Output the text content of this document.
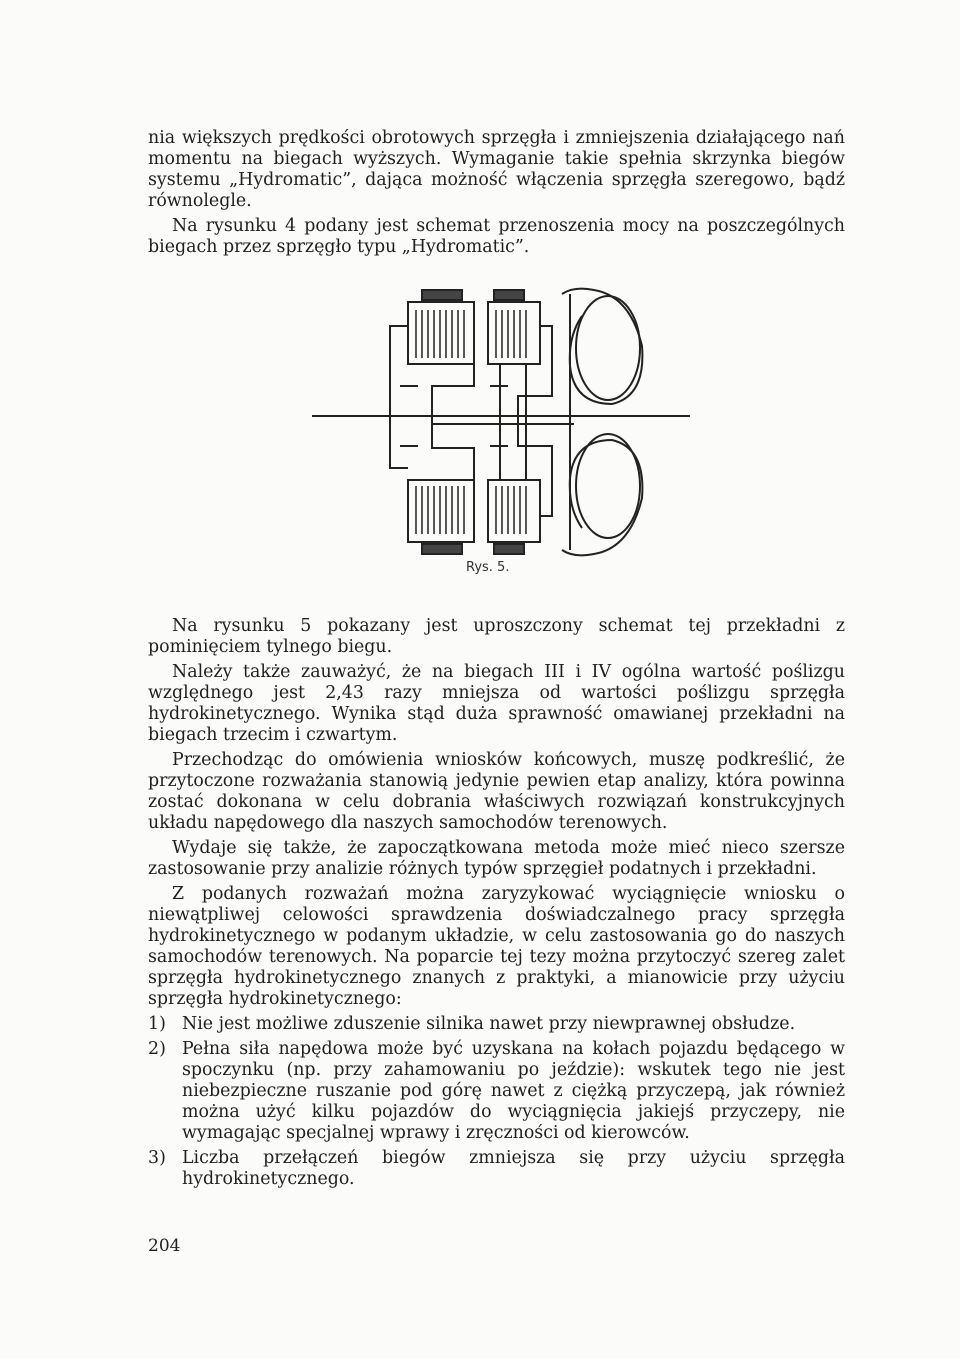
nia większych prędkości obrotowych sprzęgła i zmniejszenia działającego nań momentu na biegach wyższych. Wymaganie takie spełnia skrzynka biegów systemu „Hydromatic”, dająca możność włączenia sprzęgła szeregowo, bądź równolegle.

Na rysunku 4 podany jest schemat przenoszenia mocy na poszczególnych biegach przez sprzęgło typu „Hydromatic”.

Rys. 5.

Na rysunku 5 pokazany jest uproszczony schemat tej przekładni z pominięciem tylnego biegu.

Należy także zauważyć, że na biegach III i IV ogólna wartość poślizgu względnego jest 2,43 razy mniejsza od wartości poślizgu sprzęgła hydrokinetycznego. Wynika stąd duża sprawność omawianej przekładni na biegach trzecim i czwartym.

Przechodząc do omówienia wniosków końcowych, muszę podkreślić, że przytoczone rozważania stanowią jedynie pewien etap analizy, która powinna zostać dokonana w celu dobrania właściwych rozwiązań konstrukcyjnych układu napędowego dla naszych samochodów terenowych.

Wydaje się także, że zapoczątkowana metoda może mieć nieco szersze zastosowanie przy analizie różnych typów sprzęgieł podatnych i przekładni.

Z podanych rozważań można zaryzykować wyciągnięcie wniosku o niewątpliwej celowości sprawdzenia doświadczalnego pracy sprzęgła hydrokinetycznego w podanym układzie, w celu zastosowania go do naszych samochodów terenowych. Na poparcie tej tezy można przytoczyć szereg zalet sprzęgła hydrokinetycznego znanych z praktyki, a mianowicie przy użyciu sprzęgła hydrokinetycznego:

1) Nie jest możliwe zduszenie silnika nawet przy niewprawnej obsłudze.
2) Pełna siła napędowa może być uzyskana na kołach pojazdu będącego w spoczynku (np. przy zahamowaniu po jeździe): wskutek tego nie jest niebezpieczne ruszanie pod górę nawet z ciężką przyczepą, jak również można użyć kilku pojazdów do wyciągnięcia jakiejś przyczepy, nie wymagając specjalnej wprawy i zręczności od kierowców.
3) Liczba przełączeń biegów zmniejsza się przy użyciu sprzęgła hydrokinetycznego.
204
